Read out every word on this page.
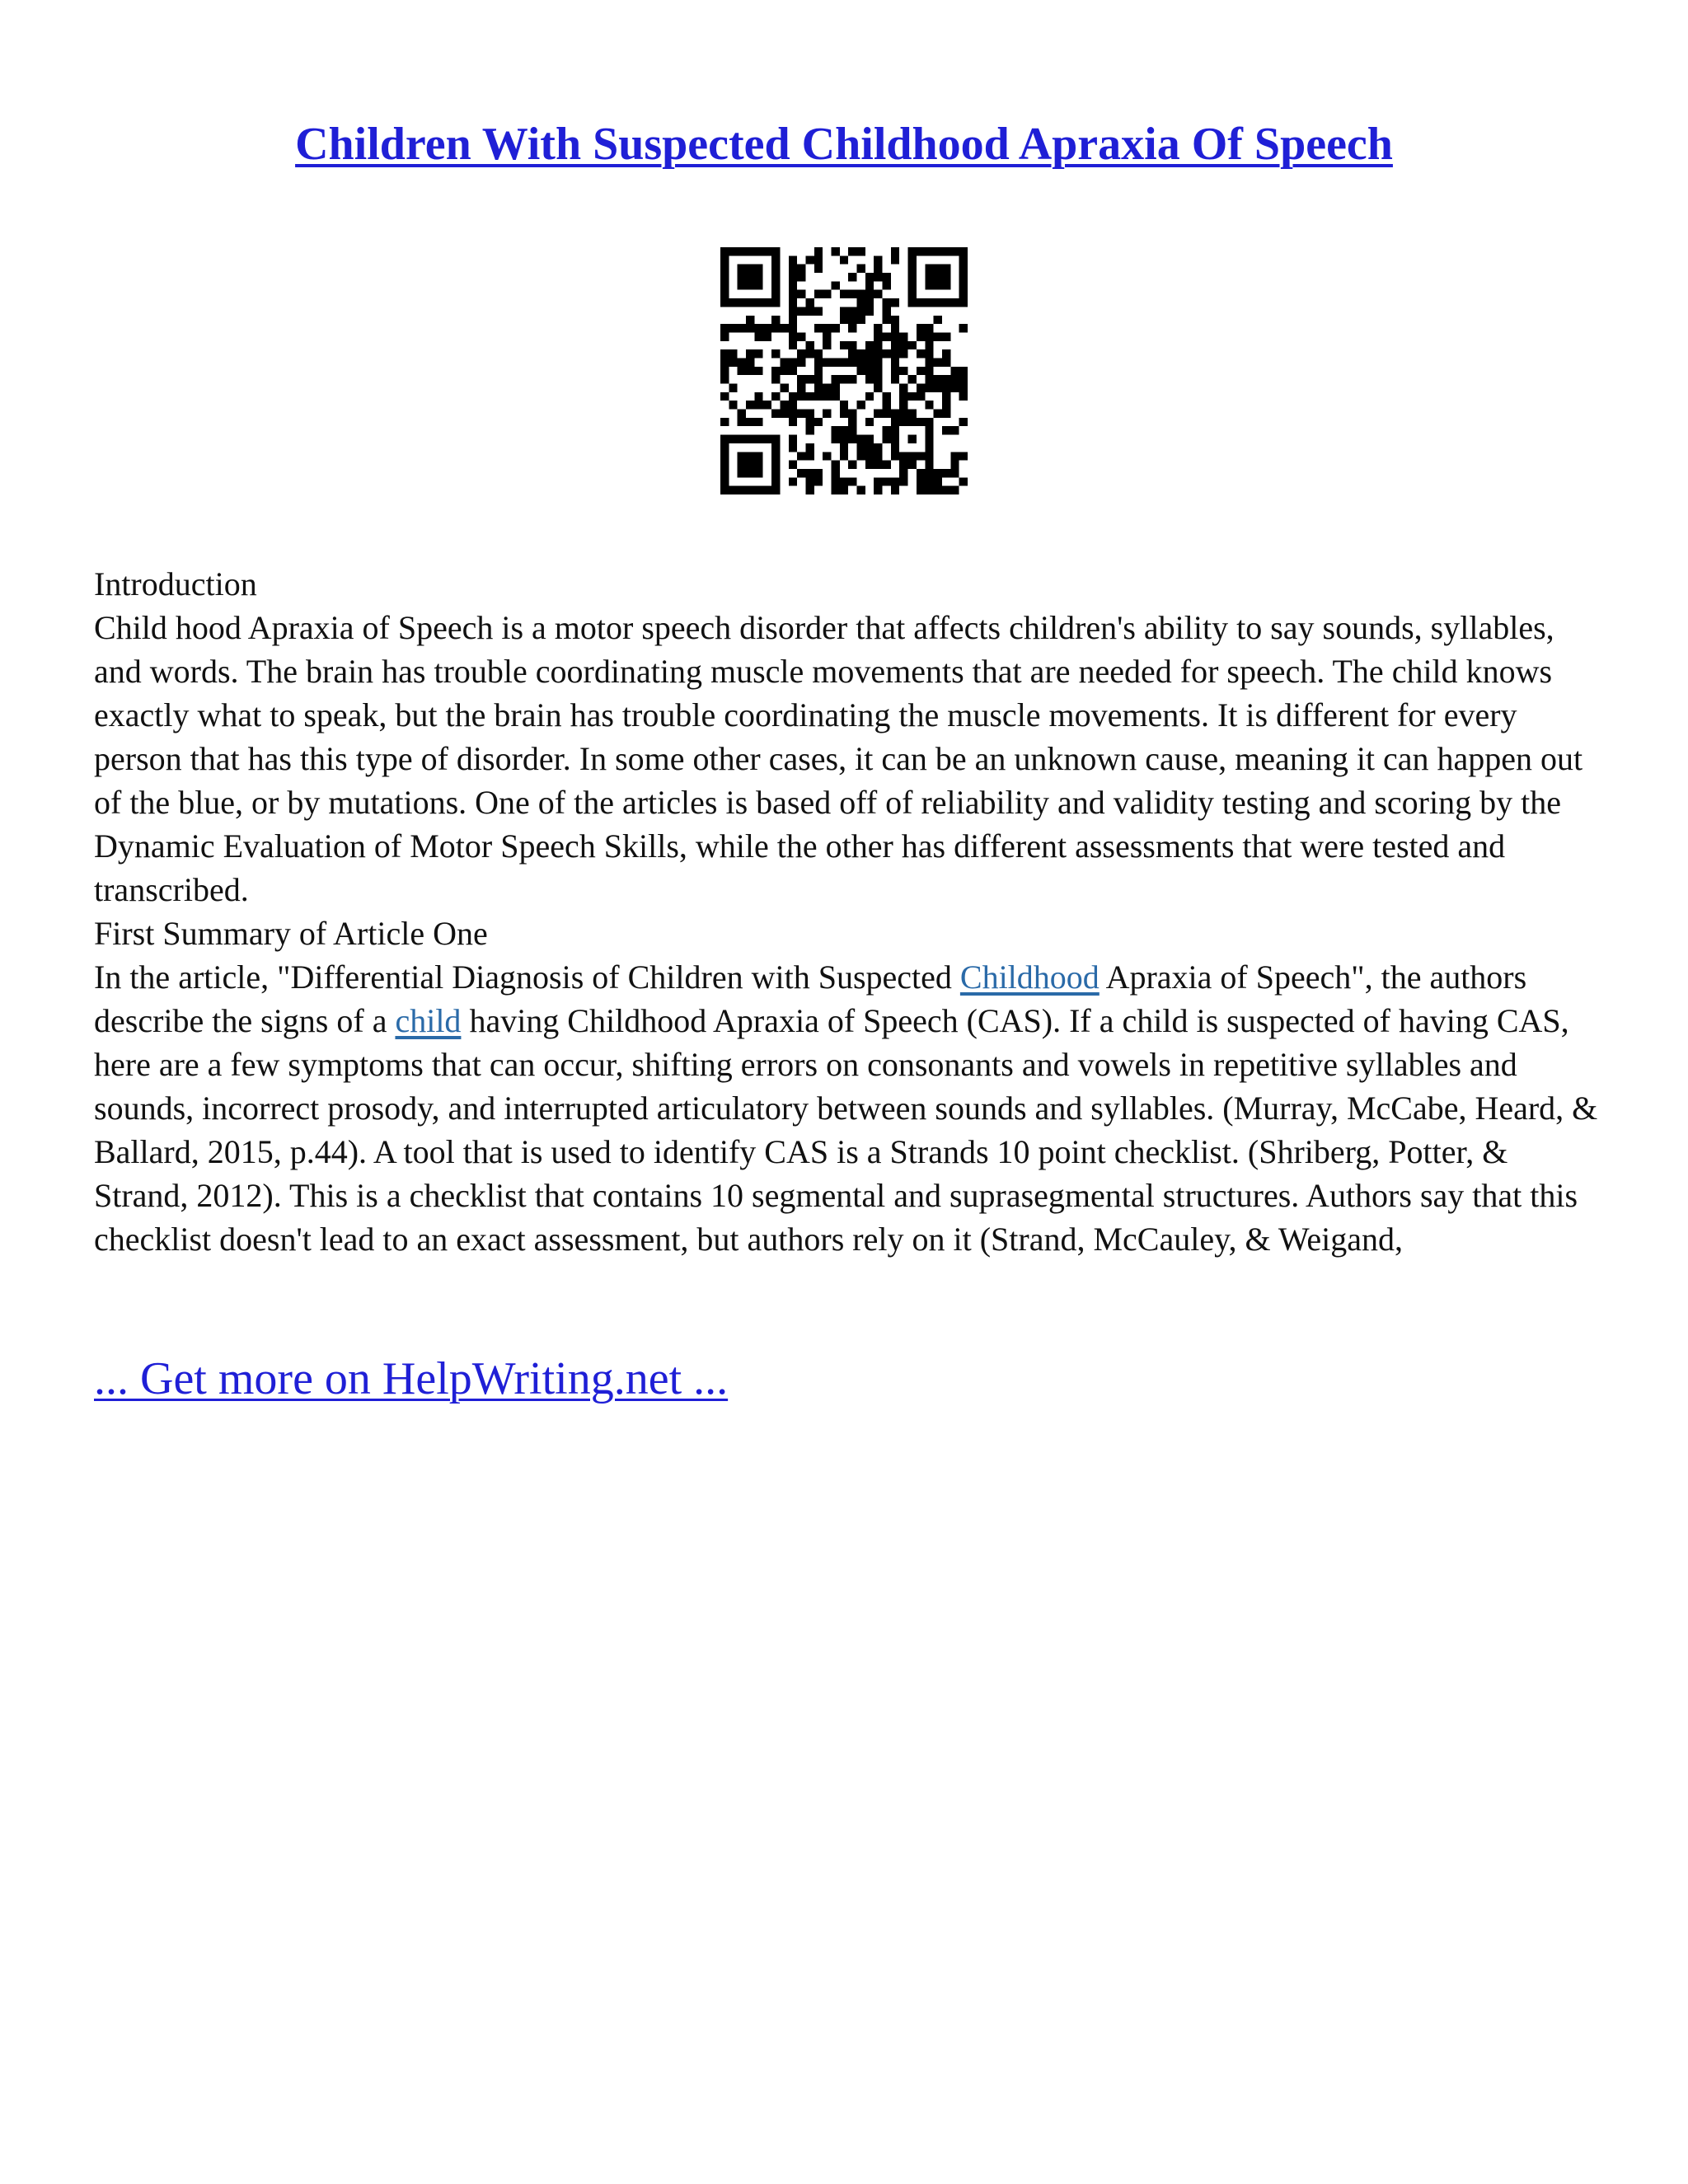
Children With Suspected Childhood Apraxia Of Speech

Introduction

Child hood Apraxia of Speech is a motor speech disorder that affects children's ability to say sounds, syllables, and words. The brain has trouble coordinating muscle movements that are needed for speech. The child knows exactly what to speak, but the brain has trouble coordinating the muscle movements. It is different for every person that has this type of disorder. In some other cases, it can be an unknown cause, meaning it can happen out of the blue, or by mutations. One of the articles is based off of reliability and validity testing and scoring by the Dynamic Evaluation of Motor Speech Skills, while the other has different assessments that were tested and transcribed.

First Summary of Article One

In the article, "Differential Diagnosis of Children with Suspected Childhood Apraxia of Speech", the authors describe the signs of a child having Childhood Apraxia of Speech (CAS). If a child is suspected of having CAS, here are a few symptoms that can occur, shifting errors on consonants and vowels in repetitive syllables and sounds, incorrect prosody, and interrupted articulatory between sounds and syllables. (Murray, McCabe, Heard, & Ballard, 2015, p.44). A tool that is used to identify CAS is a Strands 10 point checklist. (Shriberg, Potter, & Strand, 2012). This is a checklist that contains 10 segmental and suprasegmental structures. Authors say that this checklist doesn't lead to an exact assessment, but authors rely on it (Strand, McCauley, & Weigand,

... Get more on HelpWriting.net ...
